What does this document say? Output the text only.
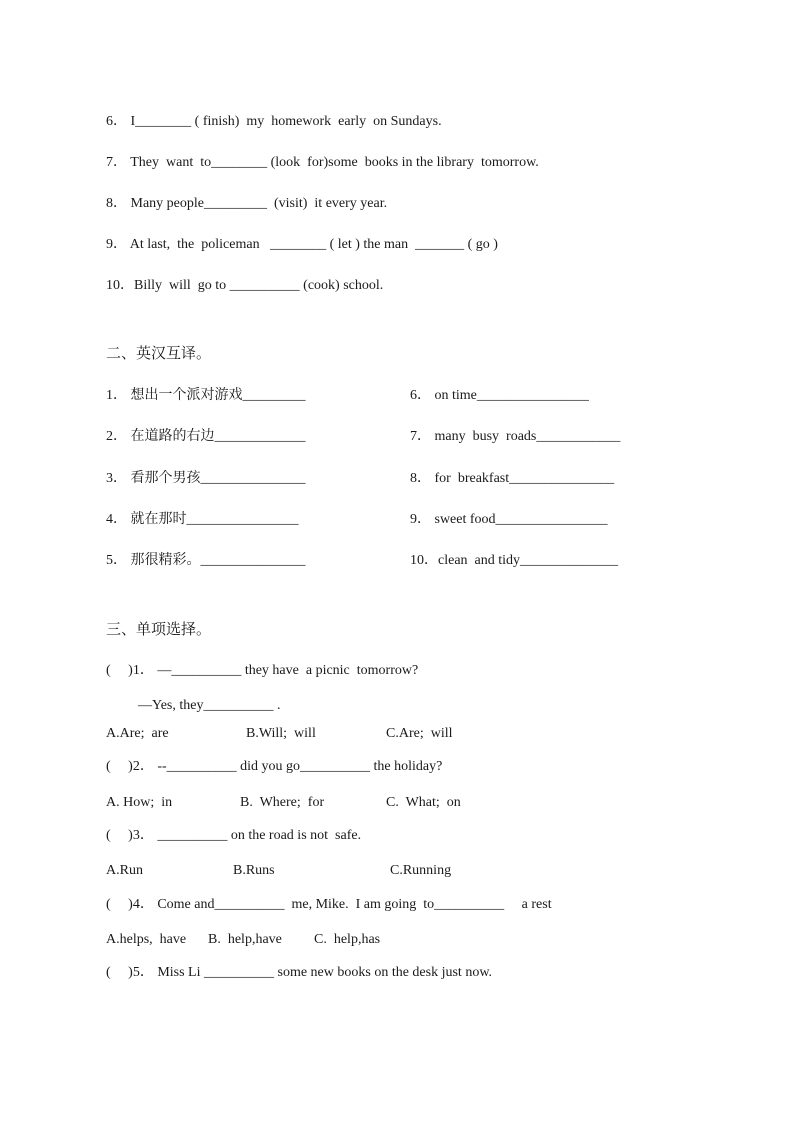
6． I________ ( finish)  my  homework  early  on Sundays.
7． They  want  to________ (look  for)some  books in the library  tomorrow.
8． Many people_________  (visit)  it every year.
9． At last,  the  policeman   ________ ( let ) the man  _______ ( go )
10．Billy  will  go to __________ (cook) school.
二、英汉互译。
1． 想出一个派对游戏_________
2． 在道路的右边_____________
3． 看那个男孩_______________
4． 就在那时________________
5． 那很精彩。_______________
6． on time________________
7． many  busy  roads____________
8． for  breakfast_______________
9． sweet food________________
10．clean  and tidy______________
三、单项选择。
(     )1． —__________ they have  a picnic  tomorrow?
—Yes, they__________ .
A.Are;  are	B.Will;  will	C.Are;  will
(     )2． --__________ did you go__________ the holiday?
A. How;  in	B.  Where;  for	C.  What;  on
(     )3． __________ on the road is not  safe.
A.Run	B.Runs	C.Running
(     )4． Come and__________  me, Mike.  I am going  to__________     a rest
A.helps,  have B.  help,have C.  help,has
(     )5． Miss Li __________ some new books on the desk just now.
